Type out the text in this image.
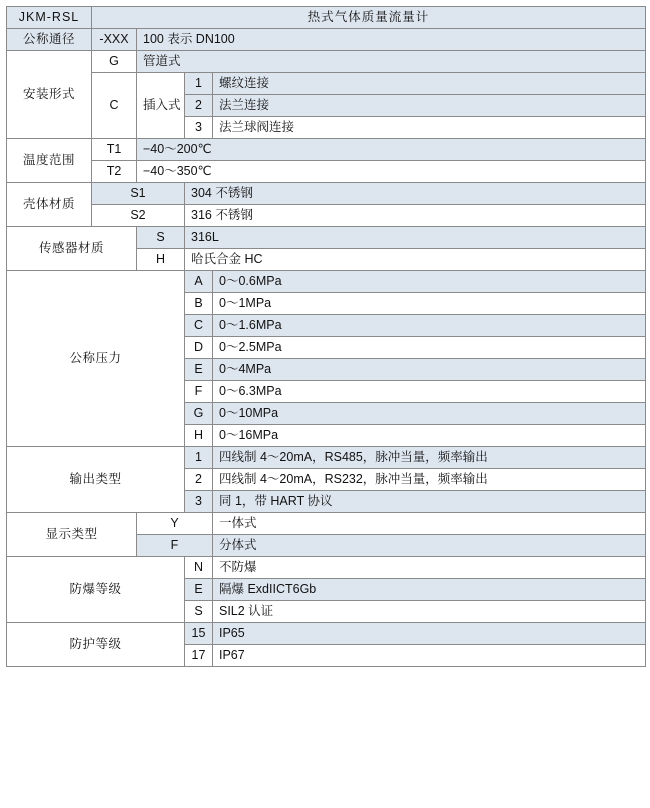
JKM-RSL	热式气体质量流量计			
公称通径	-XXX	100 表示 DN100		
安装形式	G	管道式		
	C	插入式	1	螺纹连接
			2	法兰连接
			3	法兰球阀连接
温度范围	T1	−40～200℃		
	T2	−40～350℃		
壳体材质	S1		304 不锈钢	
	S2		316 不锈钢	
传感器材质		S	316L	
		H	哈氏合金 HC	
公称压力			A	0～0.6MPa
			B	0～1MPa
			C	0～1.6MPa
			D	0～2.5MPa
			E	0～4MPa
			F	0～6.3MPa
			G	0～10MPa
			H	0～16MPa
输出类型			1	四线制 4～20mA，RS485，脉冲当量，频率输出
			2	四线制 4～20mA，RS232，脉冲当量，频率输出
			3	同 1，带 HART 协议
显示类型		Y		一体式
		F		分体式
防爆等级			N	不防爆
			E	隔爆 ExdIICT6Gb
			S	SIL2 认证
防护等级			15	IP65
			17	IP67
